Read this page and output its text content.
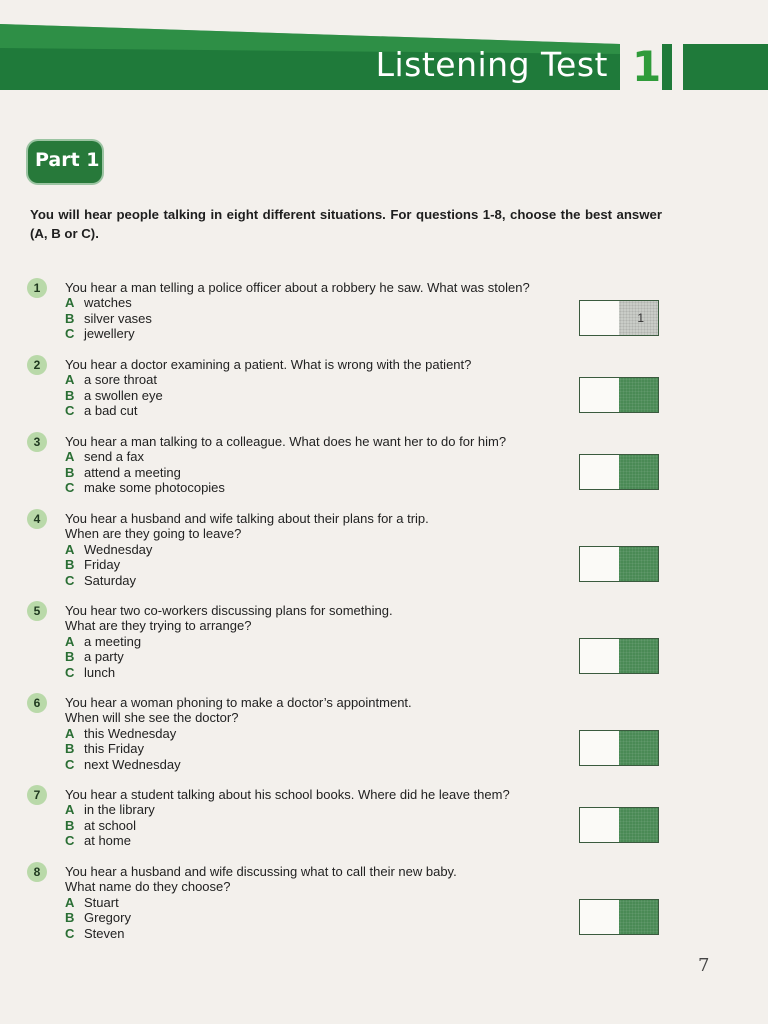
Listening Test 1
Part 1
You will hear people talking in eight different situations. For questions 1-8, choose the best answer (A, B or C).
1	You hear a man telling a police officer about a robbery he saw. What was stolen?
A watches
B silver vases
C jewellery
1
2	You hear a doctor examining a patient. What is wrong with the patient?
A a sore throat
B a swollen eye
C a bad cut
3	You hear a man talking to a colleague. What does he want her to do for him?
A send a fax
B attend a meeting
C make some photocopies
4	You hear a husband and wife talking about their plans for a trip.
When are they going to leave?
A Wednesday
B Friday
C Saturday
5	You hear two co-workers discussing plans for something.
What are they trying to arrange?
A a meeting
B a party
C lunch
6	You hear a woman phoning to make a doctor’s appointment.
When will she see the doctor?
A this Wednesday
B this Friday
C next Wednesday
7	You hear a student talking about his school books. Where did he leave them?
A in the library
B at school
C at home
8	You hear a husband and wife discussing what to call their new baby.
What name do they choose?
A Stuart
B Gregory
C Steven
7
